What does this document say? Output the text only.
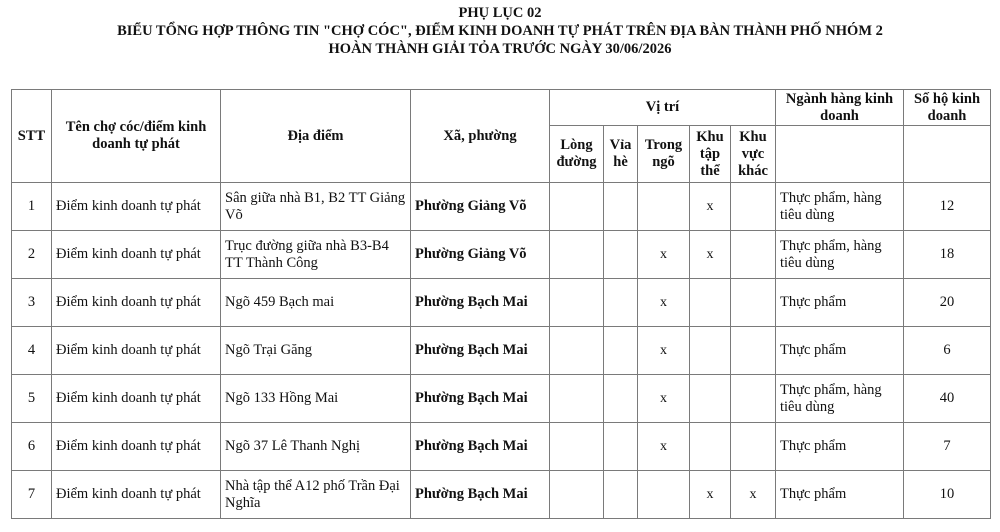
PHỤ LỤC 02
BIỂU TỔNG HỢP THÔNG TIN "CHỢ CÓC", ĐIỂM KINH DOANH TỰ PHÁT TRÊN ĐỊA BÀN THÀNH PHỐ NHÓM 2
HOÀN THÀNH GIẢI TỎA TRƯỚC NGÀY 30/06/2026
STT	Tên chợ cóc/điểm kinh doanh tự phát	Địa điểm	Xã, phường	Vị trí					Ngành hàng kinh doanh	Số hộ kinh doanh
				Lòng đường	Vỉa hè	Trong ngõ	Khu tập thể	Khu vực khác		
1	Điểm kinh doanh tự phát	Sân giữa nhà B1, B2 TT Giảng Võ	Phường Giảng Võ				x		Thực phẩm, hàng tiêu dùng	12
2	Điểm kinh doanh tự phát	Trục đường giữa nhà B3-B4 TT Thành Công	Phường Giảng Võ			x	x		Thực phẩm, hàng tiêu dùng	18
3	Điểm kinh doanh tự phát	Ngõ 459 Bạch mai	Phường Bạch Mai			x			Thực phẩm	20
4	Điểm kinh doanh tự phát	Ngõ Trại Găng	Phường Bạch Mai			x			Thực phẩm	6
5	Điểm kinh doanh tự phát	Ngõ 133 Hồng Mai	Phường Bạch Mai			x			Thực phẩm, hàng tiêu dùng	40
6	Điểm kinh doanh tự phát	Ngõ 37 Lê Thanh Nghị	Phường Bạch Mai			x			Thực phẩm	7
7	Điểm kinh doanh tự phát	Nhà tập thể A12 phố Trần Đại Nghĩa	Phường Bạch Mai				x	x	Thực phẩm	10
